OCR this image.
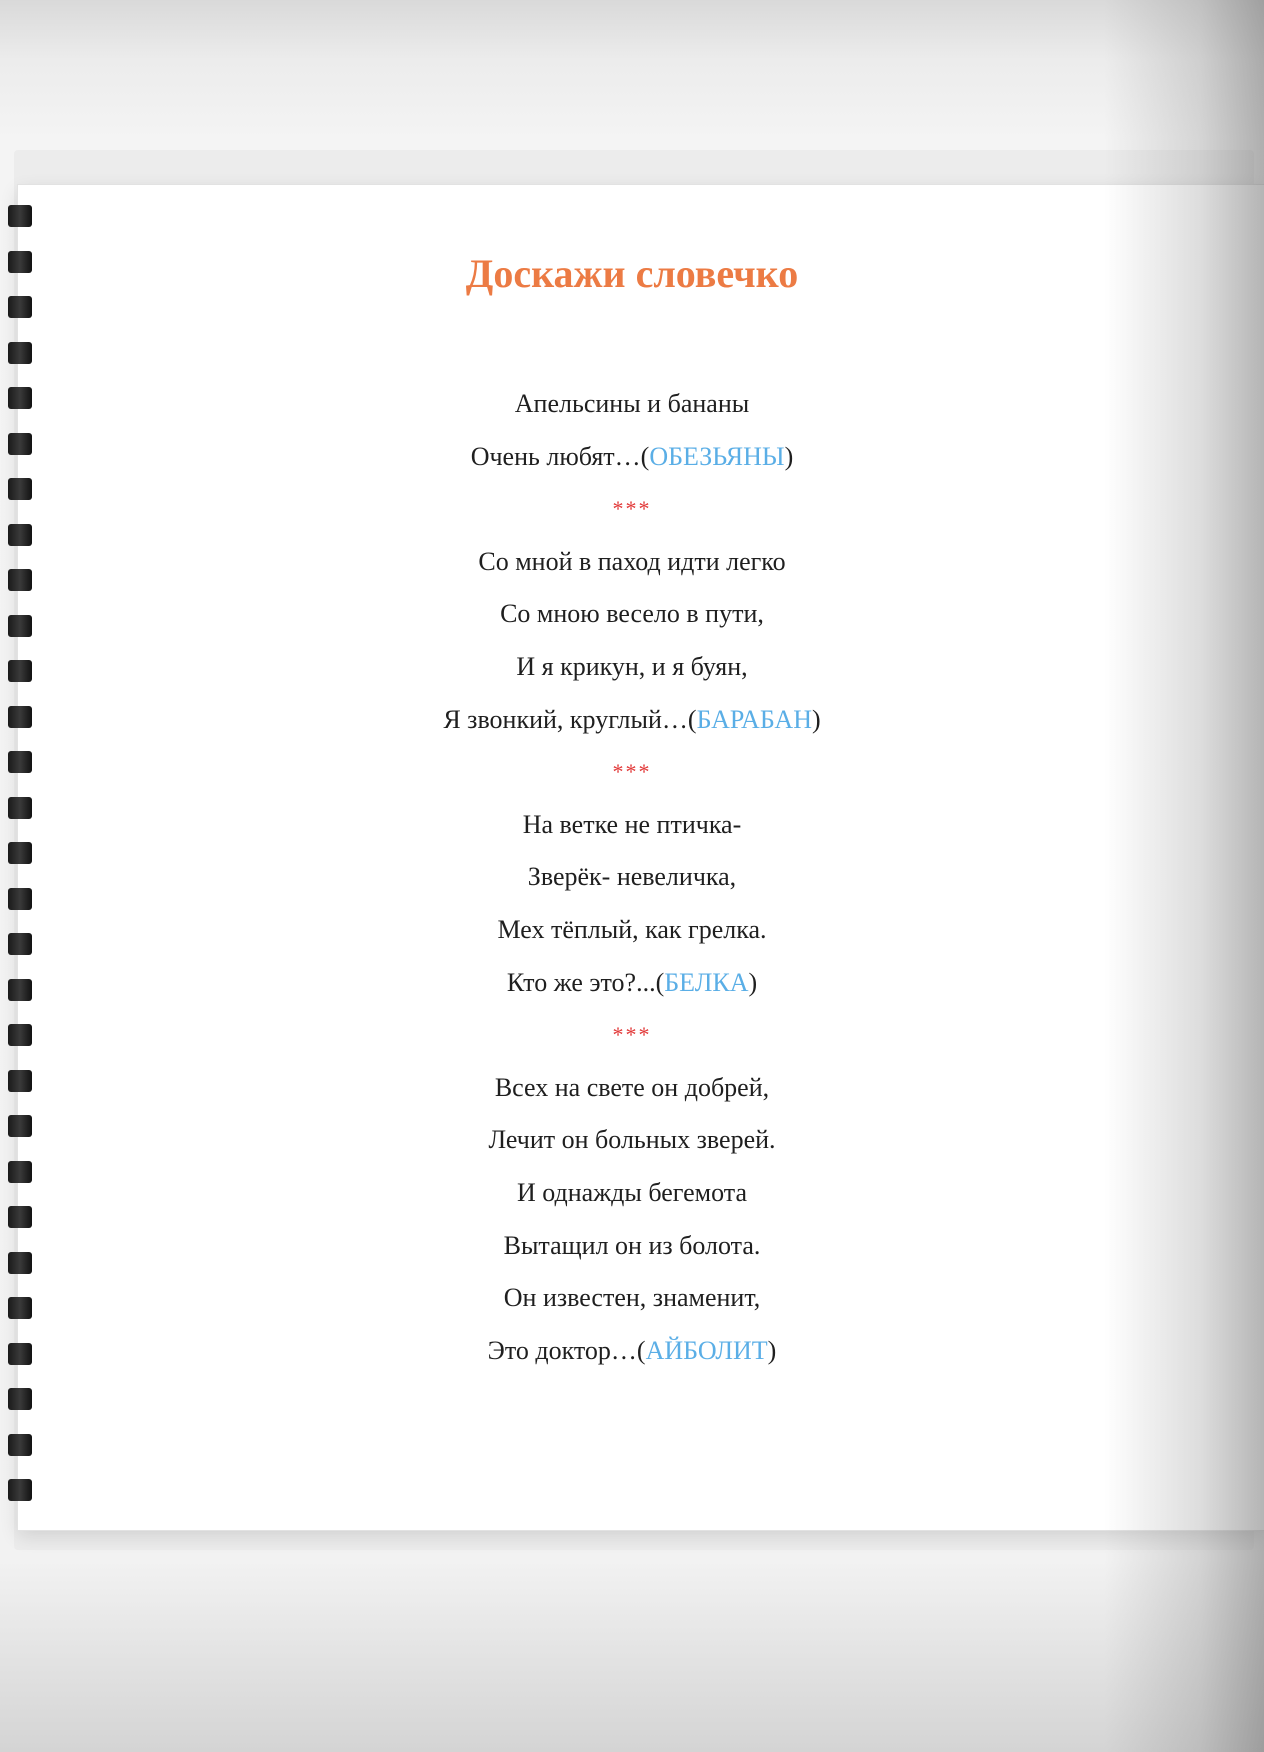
Доскажи словечко
Апельсины и бананы
Очень любят…(ОБЕЗЬЯНЫ)
***
Со мной в паход идти легко
Со мною весело в пути,
И я крикун, и я буян,
Я звонкий, круглый…(БАРАБАН)
***
На ветке не птичка-
Зверёк- невеличка,
Мех тёплый, как грелка.
Кто же это?...(БЕЛКА)
***
Всех на свете он добрей,
Лечит он больных зверей.
И однажды бегемота
Вытащил он из болота.
Он известен, знаменит,
Это доктор…(АЙБОЛИТ)
